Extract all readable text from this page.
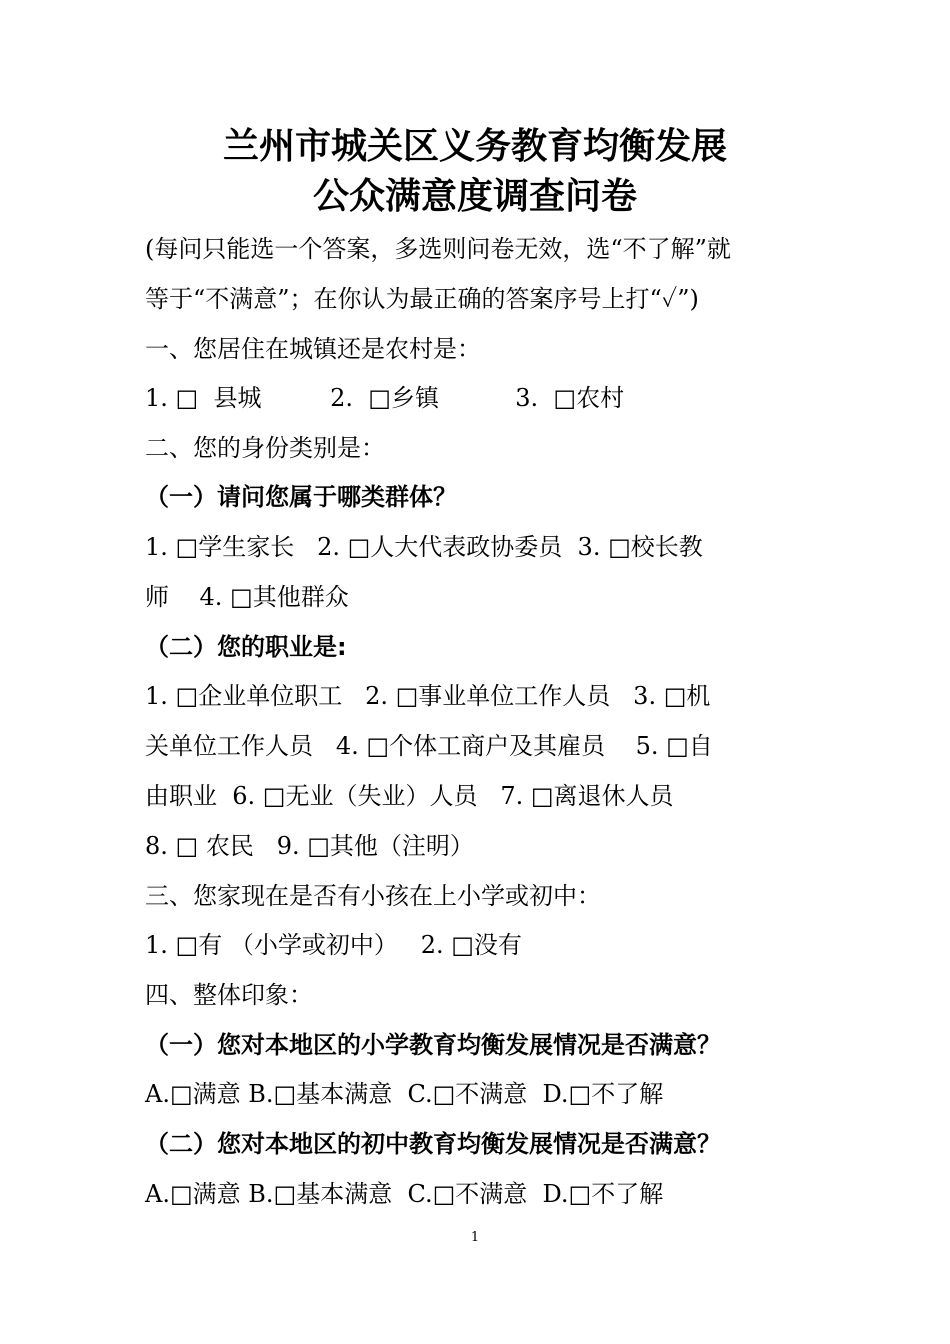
兰州市城关区义务教育均衡发展
公众满意度调查问卷
(每问只能选一个答案，多选则问卷无效，选“不了解”就
等于“不满意”；在你认为最正确的答案序号上打“✓”)
一、您居住在城镇还是农村是：
1. □  县城         2.  □乡镇          3.  □农村
二、您的身份类别是：
（一）请问您属于哪类群体？
1. □学生家长   2. □人大代表政协委员  3. □校长教
师    4. □其他群众
（二）您的职业是:
1. □企业单位职工   2. □事业单位工作人员   3. □机
关单位工作人员   4. □个体工商户及其雇员    5. □自
由职业  6. □无业（失业）人员   7. □离退休人员
8. □ 农民   9. □其他（注明）
三、您家现在是否有小孩在上小学或初中：
1. □有 （小学或初中）   2. □没有
四、整体印象：
（一）您对本地区的小学教育均衡发展情况是否满意？
A.□满意 B.□基本满意  C.□不满意  D.□不了解
（二）您对本地区的初中教育均衡发展情况是否满意？
A.□满意 B.□基本满意  C.□不满意  D.□不了解
1
